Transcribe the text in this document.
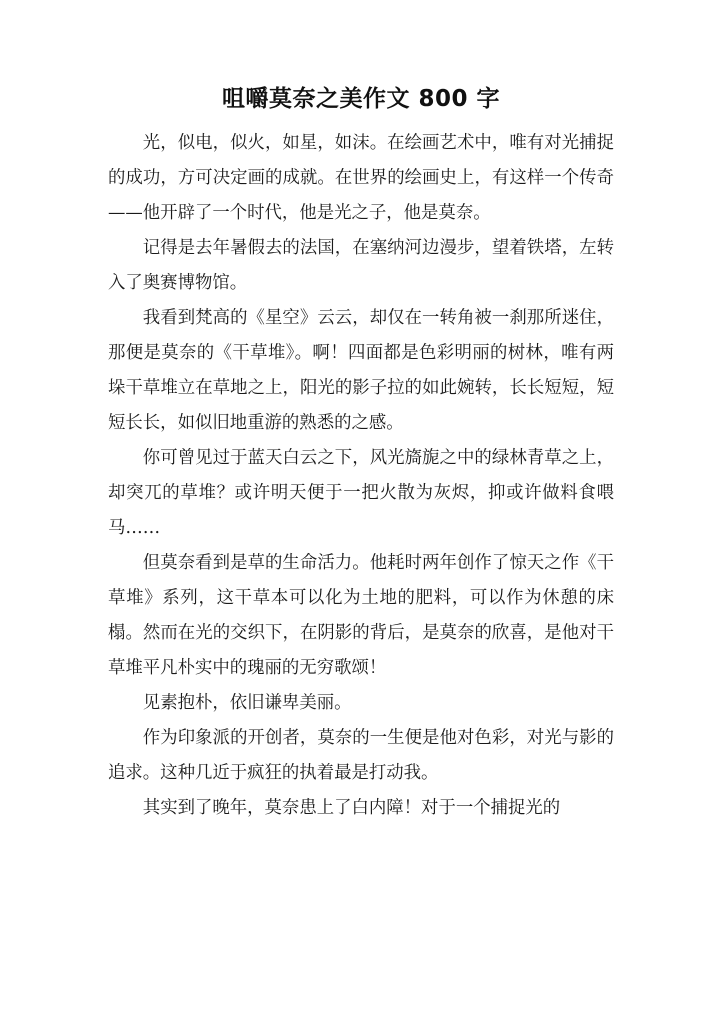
咀嚼莫奈之美作文 800 字

光，似电，似火，如星，如沫。在绘画艺术中，唯有对光捕捉的成功，方可决定画的成就。在世界的绘画史上，有这样一个传奇——他开辟了一个时代，他是光之子，他是莫奈。

记得是去年暑假去的法国，在塞纳河边漫步，望着铁塔，左转入了奥赛博物馆。

我看到梵高的《星空》云云，却仅在一转角被一刹那所迷住，那便是莫奈的《干草堆》。啊！四面都是色彩明丽的树林，唯有两垛干草堆立在草地之上，阳光的影子拉的如此婉转，长长短短，短短长长，如似旧地重游的熟悉的之感。

你可曾见过于蓝天白云之下，风光旖旎之中的绿林青草之上，却突兀的草堆？或许明天便于一把火散为灰烬，抑或许做料食喂马……

但莫奈看到是草的生命活力。他耗时两年创作了惊天之作《干草堆》系列，这干草本可以化为土地的肥料，可以作为休憩的床榻。然而在光的交织下，在阴影的背后，是莫奈的欣喜，是他对干草堆平凡朴实中的瑰丽的无穷歌颂！

见素抱朴，依旧谦卑美丽。

作为印象派的开创者，莫奈的一生便是他对色彩，对光与影的追求。这种几近于疯狂的执着最是打动我。

其实到了晚年，莫奈患上了白内障！对于一个捕捉光的
